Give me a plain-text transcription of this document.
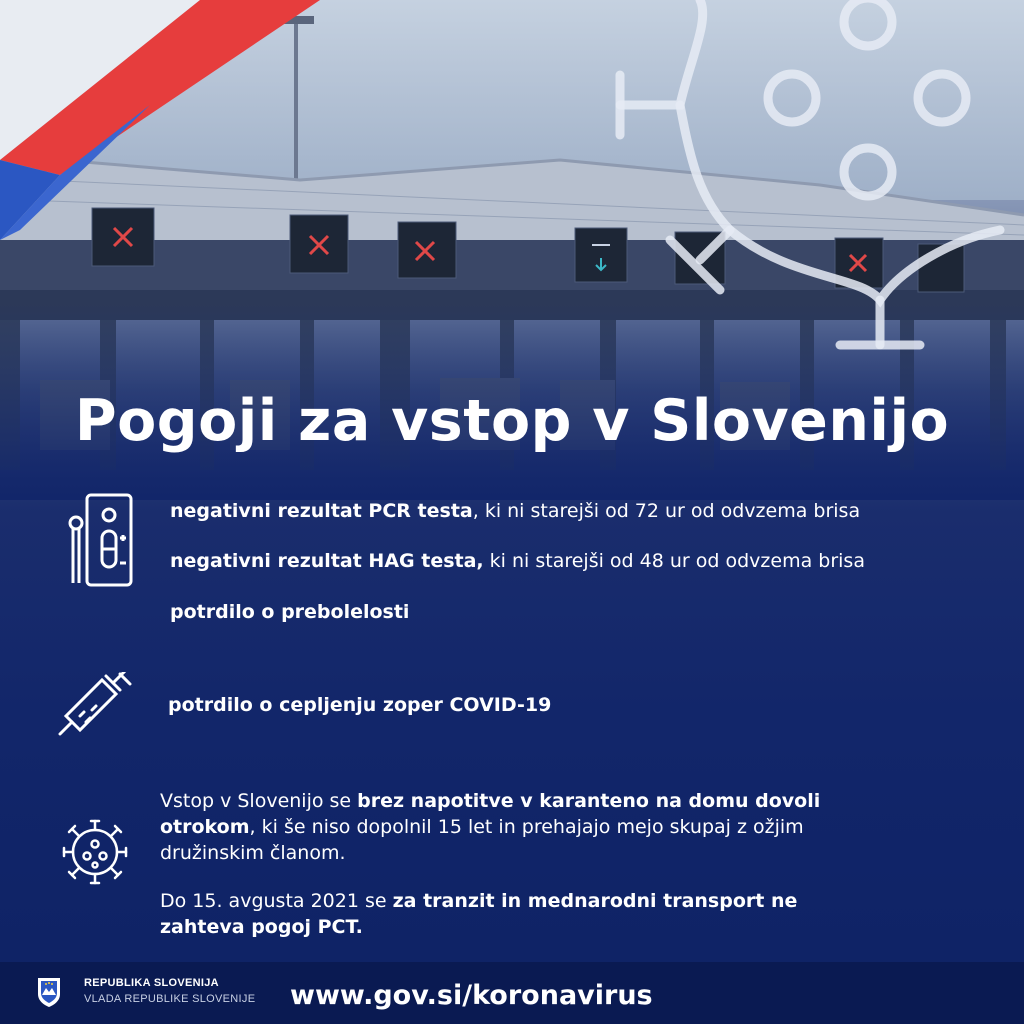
Pogoji za vstop v Slovenijo
negativni rezultat PCR testa, ki ni starejši od 72 ur od odvzema brisa
negativni rezultat HAG testa, ki ni starejši od 48 ur od odvzema brisa
potrdilo o prebolelosti
potrdilo o cepljenju zoper COVID-19
Vstop v Slovenijo se brez napotitve v karanteno na domu dovoli otrokom, ki še niso dopolnil 15 let in prehajajo mejo skupaj z ožjim družinskim članom.
Do 15. avgusta 2021 se za tranzit in mednarodni transport ne zahteva pogoj PCT.
REPUBLIKA SLOVENIJA
VLADA REPUBLIKE SLOVENIJE www.gov.si/koronavirus
